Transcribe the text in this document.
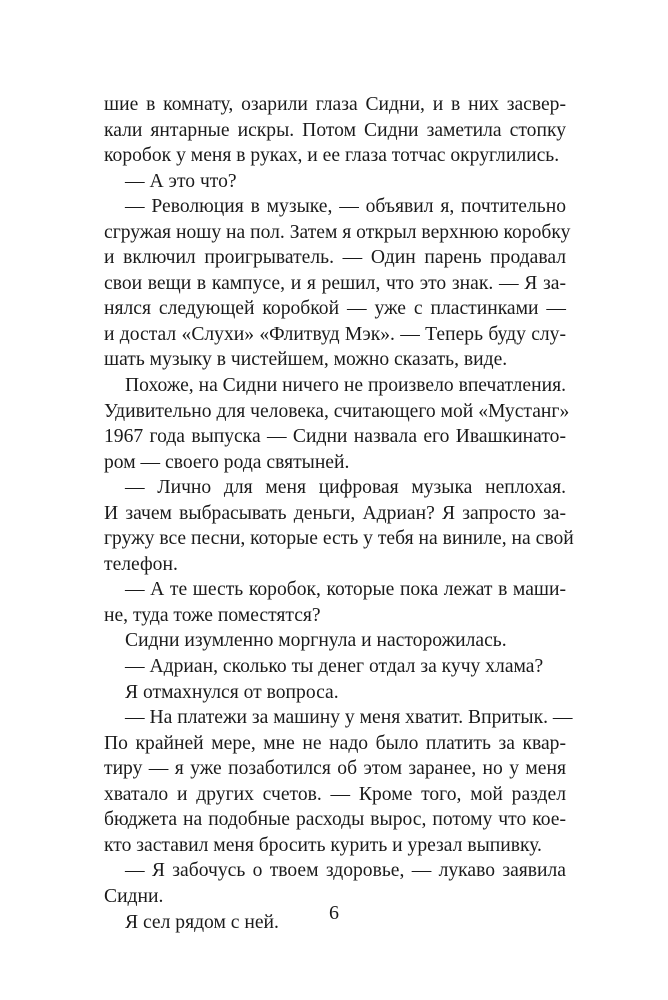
шие в комнату, озарили глаза Сидни, и в них засвер-
кали янтарные искры. Потом Сидни заметила стопку
коробок у меня в руках, и ее глаза тотчас округлились.
— А это что?
— Революция в музыке, — объявил я, почтительно
сгружая ношу на пол. Затем я открыл верхнюю коробку
и включил проигрыватель. — Один парень продавал
свои вещи в кампусе, и я решил, что это знак. — Я за-
нялся следующей коробкой — уже с пластинками —
и достал «Слухи» «Флитвуд Мэк». — Теперь буду слу-
шать музыку в чистейшем, можно сказать, виде.
Похоже, на Сидни ничего не произвело впечатления.
Удивительно для человека, считающего мой «Мустанг»
1967 года выпуска — Сидни назвала его Ивашкинато-
ром — своего рода святыней.
— Лично для меня цифровая музыка неплохая.
И зачем выбрасывать деньги, Адриан? Я запросто за-
гружу все песни, которые есть у тебя на виниле, на свой
телефон.
— А те шесть коробок, которые пока лежат в маши-
не, туда тоже поместятся?
Сидни изумленно моргнула и насторожилась.
— Адриан, сколько ты денег отдал за кучу хлама?
Я отмахнулся от вопроса.
— На платежи за машину у меня хватит. Впритык. —
По крайней мере, мне не надо было платить за квар-
тиру — я уже позаботился об этом заранее, но у меня
хватало и других счетов. — Кроме того, мой раздел
бюджета на подобные расходы вырос, потому что кое-
кто заставил меня бросить курить и урезал выпивку.
— Я забочусь о твоем здоровье, — лукаво заявила
Сидни.
Я сел рядом с ней.	6
